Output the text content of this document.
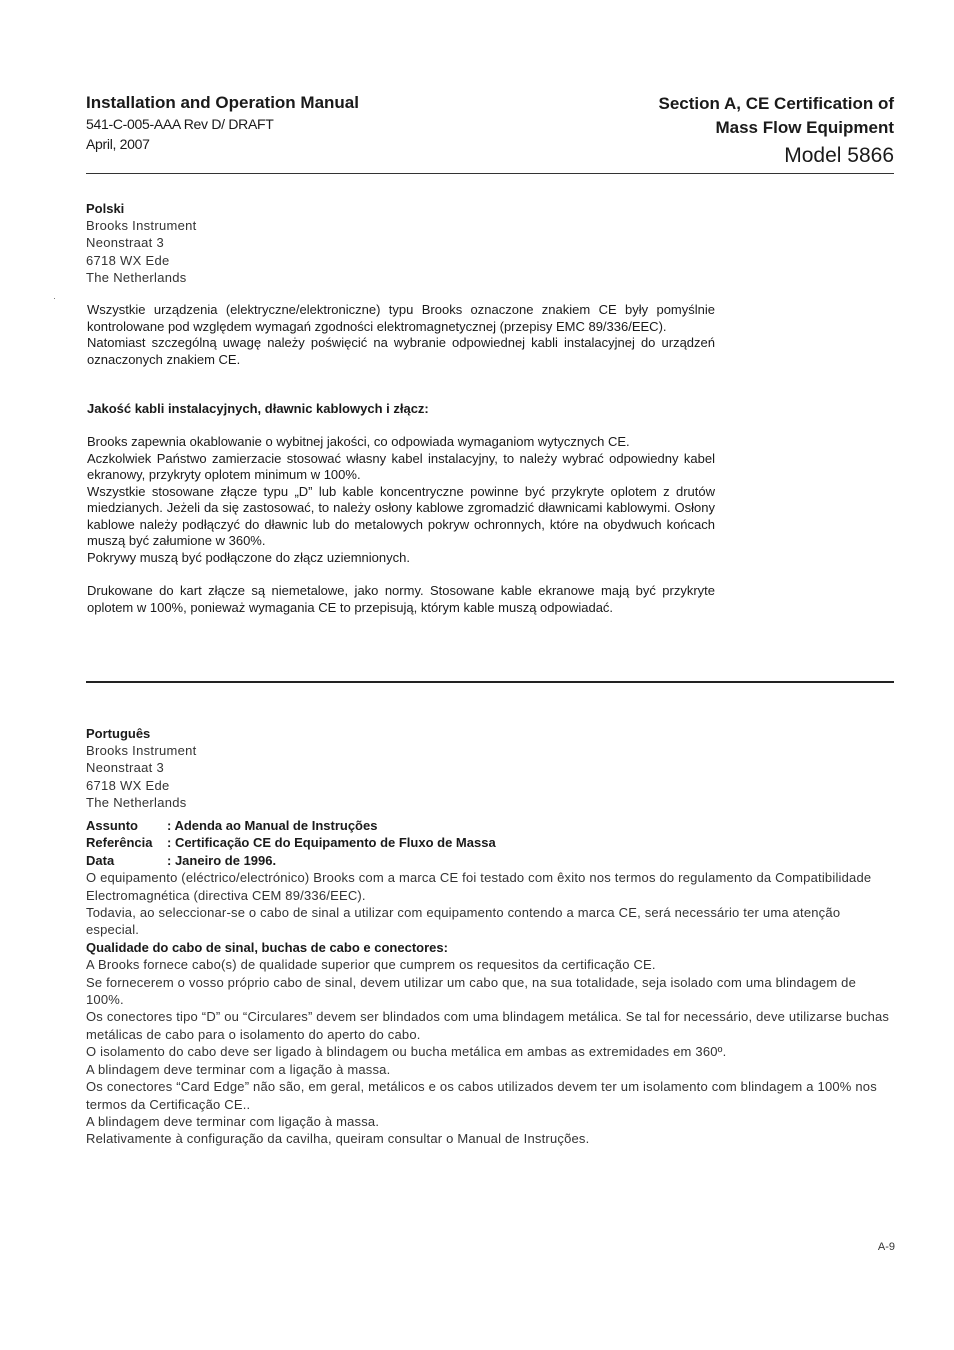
Installation and Operation Manual
541-C-005-AAA Rev D/ DRAFT
April, 2007
Section A, CE Certification of
Mass Flow Equipment
Model 5866
Polski
Brooks Instrument
Neonstraat 3
6718 WX Ede
The Netherlands

Wszystkie urządzenia (elektryczne/elektroniczne) typu Brooks oznaczone znakiem CE były pomyślnie kontrolowane pod względem wymagań zgodności elektromagnetycznej (przepisy EMC 89/336/EEC).

Natomiast szczególną uwagę należy poświęcić na wybranie odpowiednej kabli instalacyjnej do urządzeń oznaczonych znakiem CE.

Jakość kabli instalacyjnych, dławnic kablowych i złącz:

Brooks zapewnia okablowanie o wybitnej jakości, co odpowiada wymaganiom wytycznych CE.

Aczkolwiek Państwo zamierzacie stosować własny kabel instalacyjny, to należy wybrać odpowiedny kabel ekranowy, przykryty oplotem minimum w 100%.

Wszystkie stosowane złącze typu „D” lub kable koncentryczne powinne być przykryte oplotem z drutów miedzianych. Jeżeli da się zastosować, to należy osłony kablowe zgromadzić dławnicami kablowymi. Osłony kablowe należy podłączyć do dławnic lub do metalowych pokryw ochronnych, które na obydwuch końcach muszą być załumione w 360%.

Pokrywy muszą być podłączone do złącz uziemnionych.

Drukowane do kart złącze są niemetalowe, jako normy. Stosowane kable ekranowe mają być przykryte oplotem w 100%, ponieważ wymagania CE to przepisują, którym kable muszą odpowiadać.

Português
Brooks Instrument
Neonstraat 3
6718 WX Ede
The Netherlands
Assunto	: Adenda ao Manual de Instruções
Referência	: Certificação CE do Equipamento de Fluxo de Massa
Data	: Janeiro de 1996.

O equipamento (eléctrico/electrónico) Brooks com a marca CE foi testado com êxito nos termos do regulamento da Compatibilidade Electromagnética (directiva CEM 89/336/EEC).

Todavia, ao seleccionar-se o cabo de sinal a utilizar com equipamento contendo a marca CE, será necessário ter uma atenção especial.

Qualidade do cabo de sinal, buchas de cabo e conectores:

A Brooks fornece cabo(s) de qualidade superior que cumprem os requesitos da certificação CE.

Se fornecerem o vosso próprio cabo de sinal, devem utilizar um cabo que, na sua totalidade, seja isolado com uma blindagem de 100%.

Os conectores tipo “D” ou “Circulares” devem ser blindados com uma blindagem metálica. Se tal for necessário, deve utilizarse buchas metálicas de cabo para o isolamento do aperto do cabo.

O isolamento do cabo deve ser ligado à blindagem ou bucha metálica em ambas as extremidades em 360º.

A blindagem deve terminar com a ligação à massa.

Os conectores “Card Edge” não são, em geral, metálicos e os cabos utilizados devem ter um isolamento com blindagem a 100% nos termos da Certificação CE..

A blindagem deve terminar com ligação à massa.

Relativamente à configuração da cavilha, queiram consultar o Manual de Instruções.

A-9
